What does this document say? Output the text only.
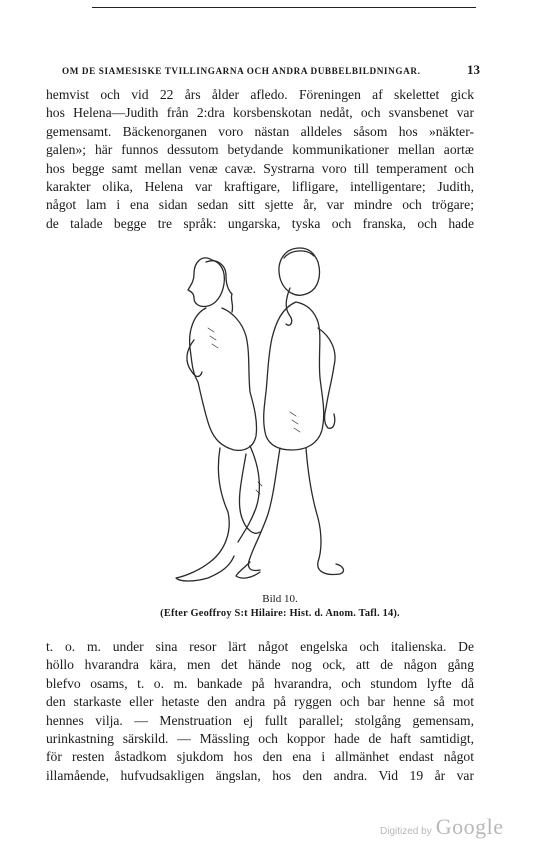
OM DE SIAMESISKE TVILLINGARNA OCH ANDRA DUBBELBILDNINGAR.	13
hemvist och vid 22 års ålder afledo. Föreningen af skelettet gick
hos Helena—Judith från 2:dra korsbenskotan nedåt, och svansbenet var
gemensamt. Bäckenorganen voro nästan alldeles såsom hos »näkter-
galen»; här funnos dessutom betydande kommunikationer mellan aortæ
hos begge samt mellan venæ cavæ. Systrarna voro till temperament och
karakter olika, Helena var kraftigare, lifligare, intelligentare; Judith,
något lam i ena sidan sedan sitt sjette år, var mindre och trögare;
de talade begge tre språk: ungarska, tyska och franska, och hade
Bild 10.
(Efter Geoffroy S:t Hilaire: Hist. d. Anom. Tafl. 14).
t. o. m. under sina resor lärt något engelska och italienska. De
höllo hvarandra kära, men det hände nog ock, att de någon gång
blefvo osams, t. o. m. bankade på hvarandra, och stundom lyfte då
den starkaste eller hetaste den andra på ryggen och bar henne så mot
hennes vilja. — Menstruation ej fullt parallel; stolgång gemensam,
urinkastning särskild. — Mässling och koppor hade de haft samtidigt,
för resten åstadkom sjukdom hos den ena i allmänhet endast något
illamående, hufvudsakligen ängslan, hos den andra. Vid 19 år var
Digitized by Google
